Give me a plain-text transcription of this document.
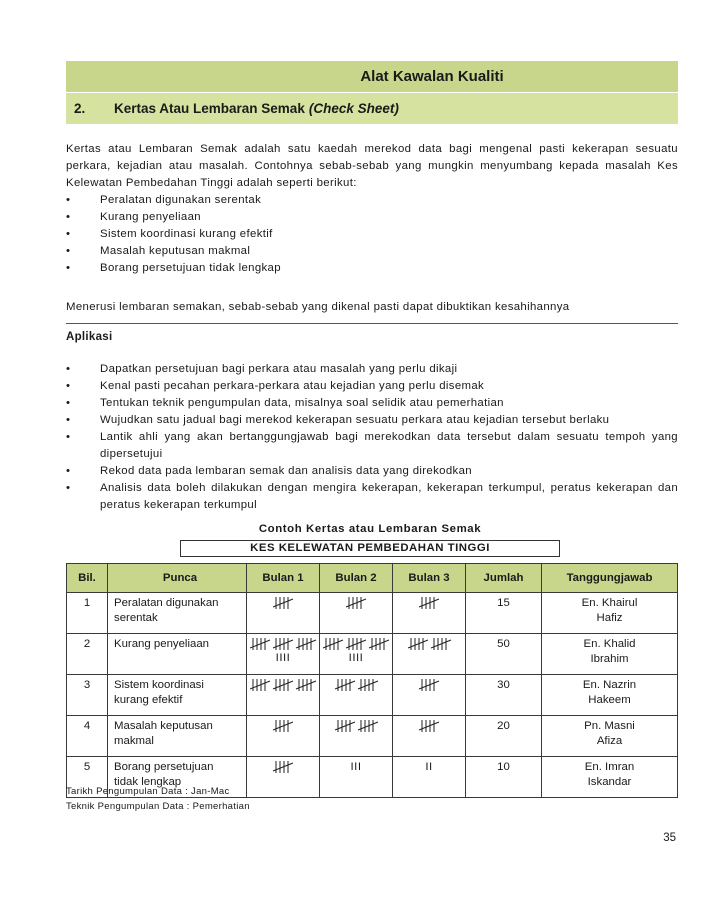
Alat Kawalan Kualiti
2.	Kertas Atau Lembaran Semak (Check Sheet)
Kertas atau Lembaran Semak adalah satu kaedah merekod data bagi mengenal pasti kekerapan sesuatu perkara, kejadian atau masalah. Contohnya sebab-sebab yang mungkin menyumbang kepada masalah Kes Kelewatan Pembedahan Tinggi adalah seperti berikut:
•	Peralatan digunakan serentak
•	Kurang penyeliaan
•	Sistem koordinasi kurang efektif
•	Masalah keputusan makmal
•	Borang persetujuan tidak lengkap
Menerusi lembaran semakan, sebab-sebab yang dikenal pasti dapat dibuktikan kesahihannya
Aplikasi
•	Dapatkan persetujuan bagi perkara atau masalah yang perlu dikaji
•	Kenal pasti pecahan perkara-perkara atau kejadian yang perlu disemak
•	Tentukan teknik pengumpulan data, misalnya soal selidik atau pemerhatian
•	Wujudkan satu jadual bagi merekod kekerapan sesuatu perkara atau kejadian tersebut berlaku
•	Lantik ahli yang akan bertanggungjawab bagi merekodkan data tersebut dalam sesuatu tempoh yang dipersetujui
•	Rekod data pada lembaran semak dan analisis data yang direkodkan
•	Analisis data boleh dilakukan dengan mengira kekerapan, kekerapan terkumpul, peratus kekerapan dan peratus kekerapan terkumpul
Contoh Kertas atau Lembaran Semak
KES KELEWATAN PEMBEDAHAN TINGGI
Bil.	Punca	Bulan 1	Bulan 2	Bulan 3	Jumlah	Tanggungjawab
1	Peralatan digunakan serentak				15	En. Khairul
Hafiz

2	Kurang penyeliaan	IIII	IIII		50	En. Khalid
Ibrahim

3	Sistem koordinasi kurang efektif				30	En. Nazrin
Hakeem

4	Masalah keputusan makmal				20	Pn. Masni
Afiza

5	Borang persetujuan tidak lengkap		III	II	10	En. Imran
Iskandar
Tarikh Pengumpulan Data : Jan-Mac
Teknik Pengumpulan Data : Pemerhatian
35
